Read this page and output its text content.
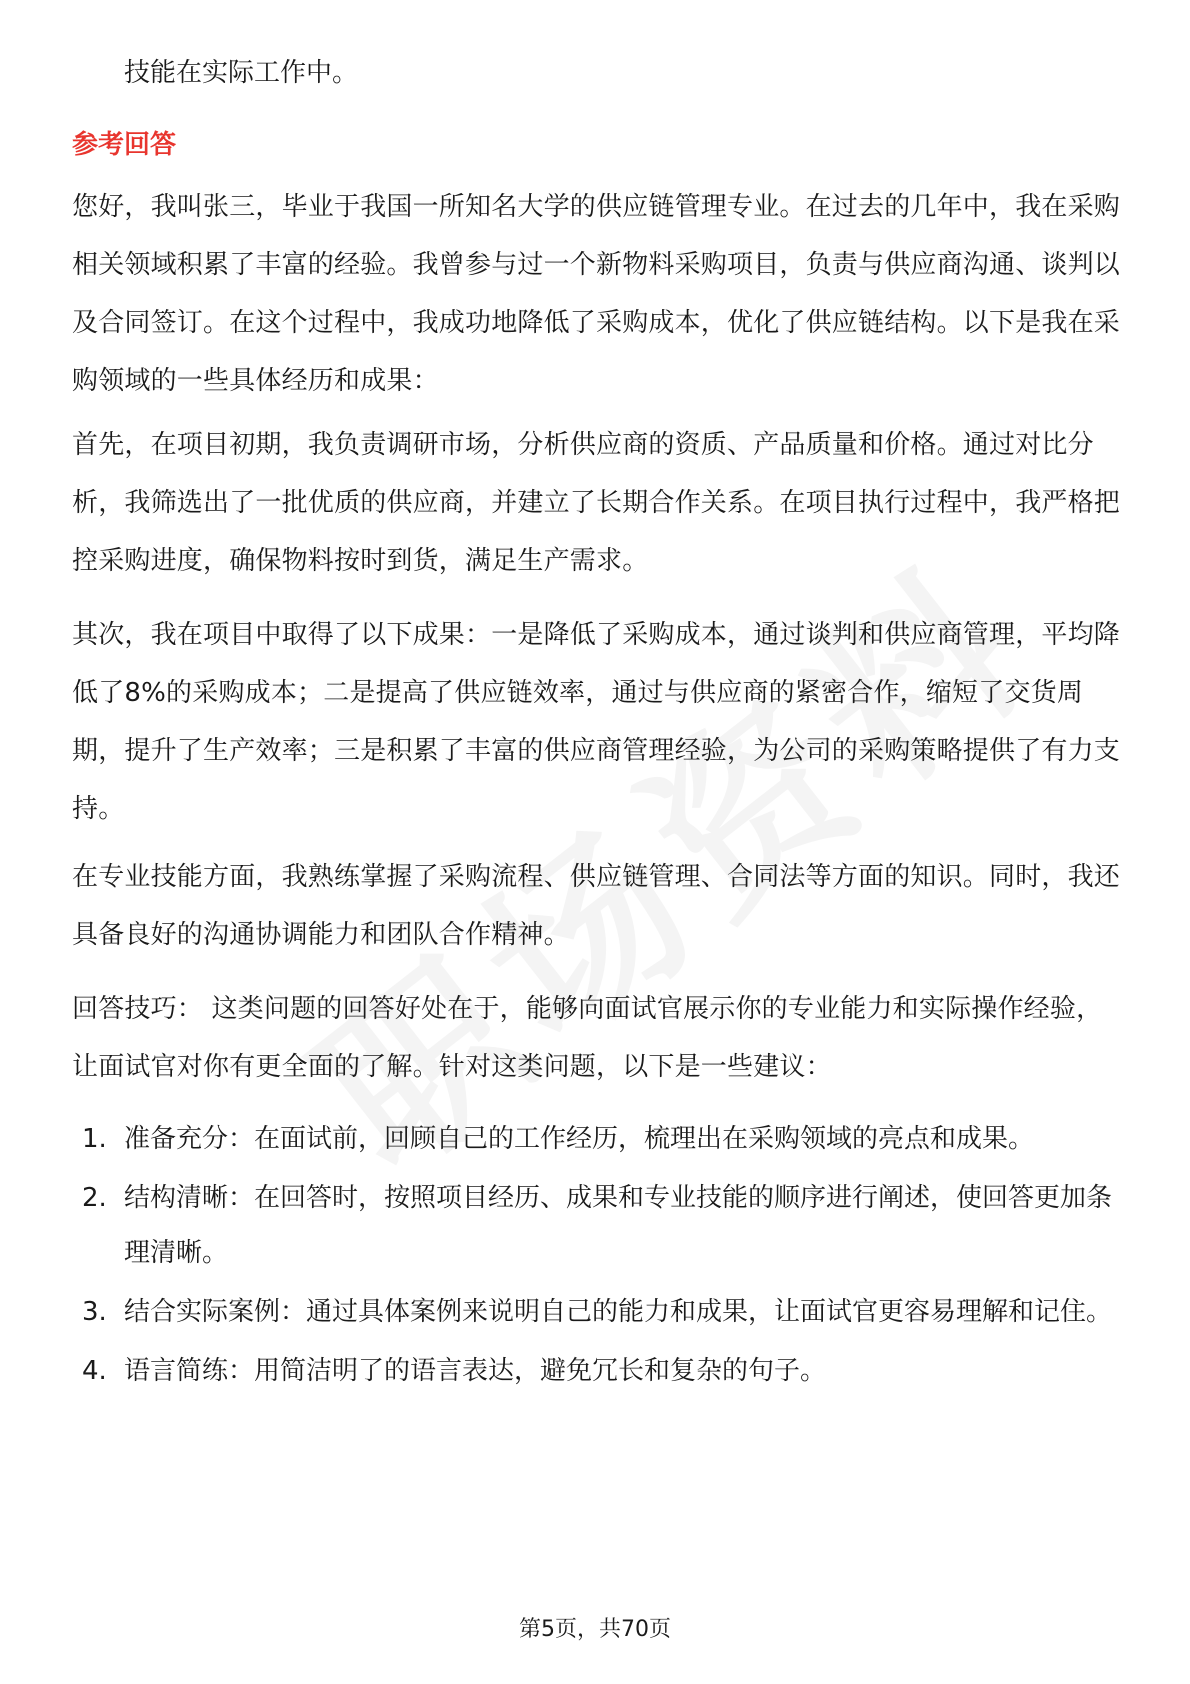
技能在实际工作中。

参考回答

您好，我叫张三，毕业于我国一所知名大学的供应链管理专业。在过去的几年中，我在采购相关领域积累了丰富的经验。我曾参与过一个新物料采购项目，负责与供应商沟通、谈判以及合同签订。在这个过程中，我成功地降低了采购成本，优化了供应链结构。以下是我在采购领域的一些具体经历和成果：

首先，在项目初期，我负责调研市场，分析供应商的资质、产品质量和价格。通过对比分析，我筛选出了一批优质的供应商，并建立了长期合作关系。在项目执行过程中，我严格把控采购进度，确保物料按时到货，满足生产需求。

其次，我在项目中取得了以下成果：一是降低了采购成本，通过谈判和供应商管理，平均降低了8%的采购成本；二是提高了供应链效率，通过与供应商的紧密合作，缩短了交货周期，提升了生产效率；三是积累了丰富的供应商管理经验，为公司的采购策略提供了有力支持。

在专业技能方面，我熟练掌握了采购流程、供应链管理、合同法等方面的知识。同时，我还具备良好的沟通协调能力和团队合作精神。

回答技巧： 这类问题的回答好处在于，能够向面试官展示你的专业能力和实际操作经验，让面试官对你有更全面的了解。针对这类问题，以下是一些建议：

1. 准备充分：在面试前，回顾自己的工作经历，梳理出在采购领域的亮点和成果。
2. 结构清晰：在回答时，按照项目经历、成果和专业技能的顺序进行阐述，使回答更加条理清晰。
3. 结合实际案例：通过具体案例来说明自己的能力和成果，让面试官更容易理解和记住。
4. 语言简练：用简洁明了的语言表达，避免冗长和复杂的句子。
第5页，共70页
